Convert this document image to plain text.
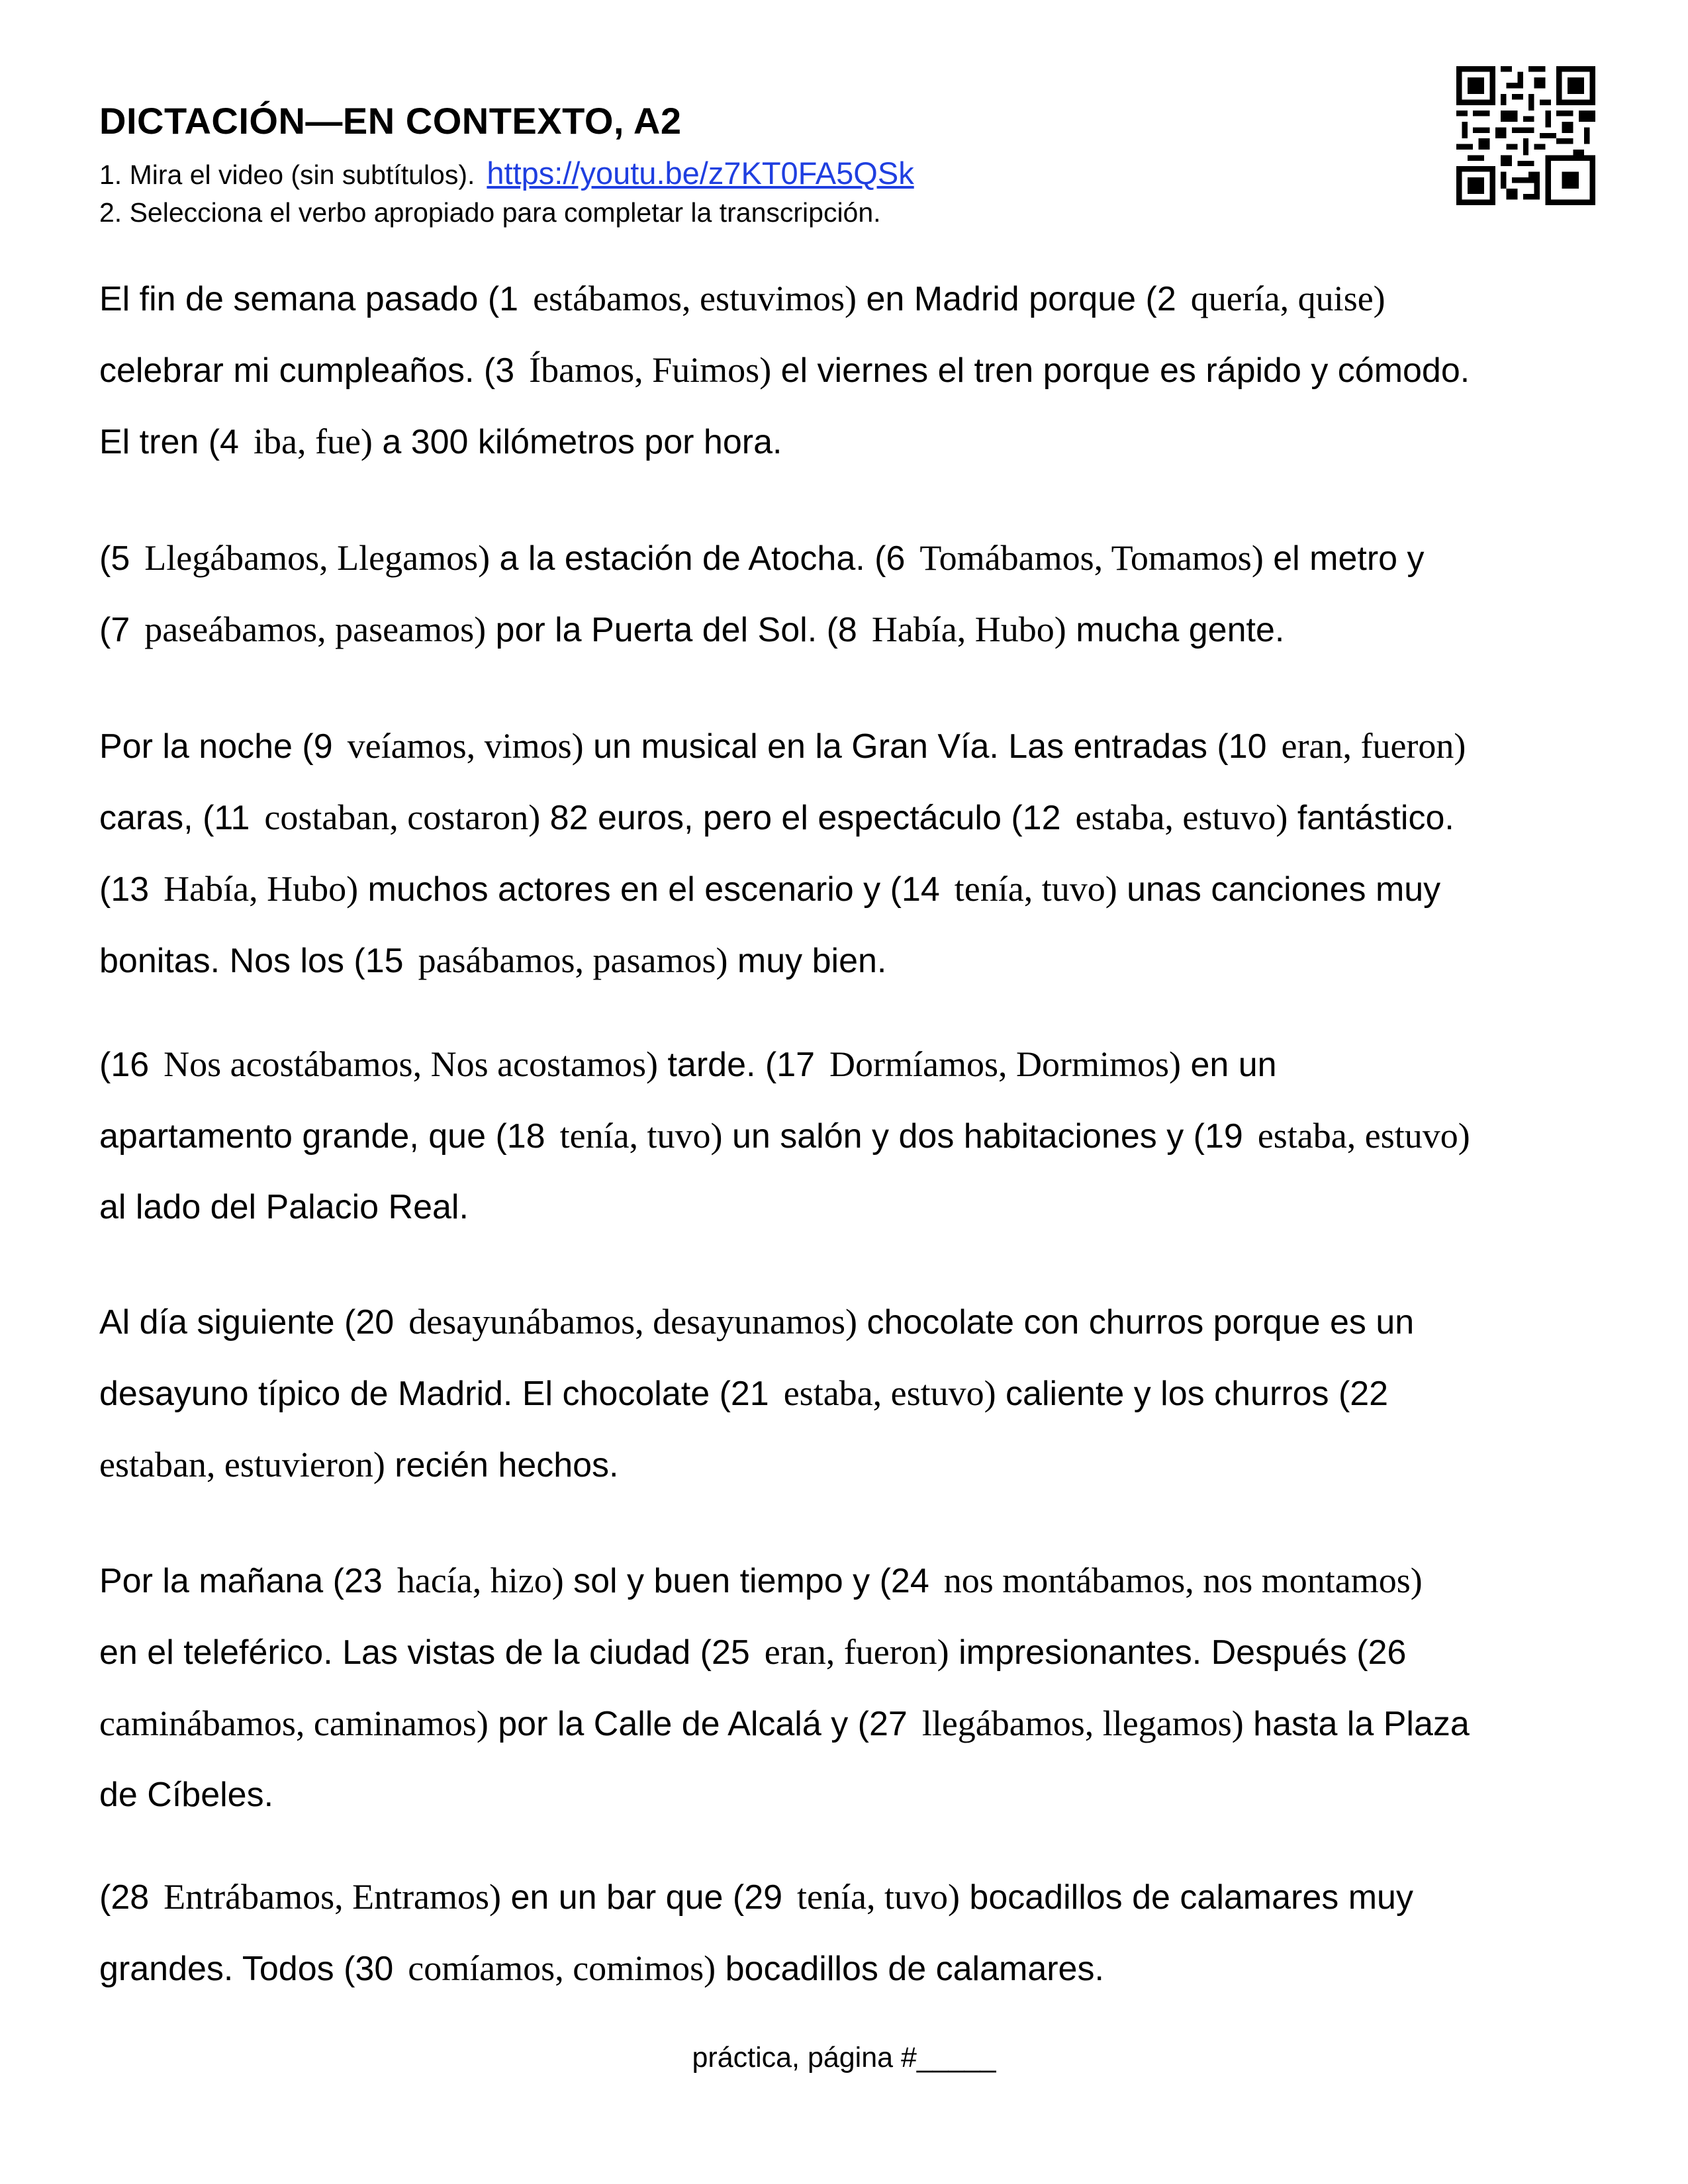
DICTACIÓN—EN CONTEXTO, A2
1. Mira el video (sin subtítulos). https://youtu.be/z7KT0FA5QSk
2. Selecciona el verbo apropiado para completar la transcripción.
El fin de semana pasado (1 estábamos, estuvimos) en Madrid porque (2 quería, quise)
celebrar mi cumpleaños. (3 Íbamos, Fuimos) el viernes el tren porque es rápido y cómodo.
El tren (4 iba, fue) a 300 kilómetros por hora.
(5 Llegábamos, Llegamos) a la estación de Atocha. (6 Tomábamos, Tomamos) el metro y
(7 paseábamos, paseamos) por la Puerta del Sol. (8 Había, Hubo) mucha gente.
Por la noche (9 veíamos, vimos) un musical en la Gran Vía. Las entradas (10 eran, fueron)
caras, (11 costaban, costaron) 82 euros, pero el espectáculo (12 estaba, estuvo) fantástico.
(13 Había, Hubo) muchos actores en el escenario y (14 tenía, tuvo) unas canciones muy
bonitas. Nos los (15 pasábamos, pasamos) muy bien.
(16 Nos acostábamos, Nos acostamos) tarde. (17 Dormíamos, Dormimos) en un
apartamento grande, que (18 tenía, tuvo) un salón y dos habitaciones y (19 estaba, estuvo)
al lado del Palacio Real.
Al día siguiente (20 desayunábamos, desayunamos) chocolate con churros porque es un
desayuno típico de Madrid. El chocolate (21 estaba, estuvo) caliente y los churros (22
estaban, estuvieron) recién hechos.
Por la mañana (23 hacía, hizo) sol y buen tiempo y (24 nos montábamos, nos montamos)
en el teleférico. Las vistas de la ciudad (25 eran, fueron) impresionantes. Después (26
caminábamos, caminamos) por la Calle de Alcalá y (27 llegábamos, llegamos) hasta la Plaza
de Cíbeles.
(28 Entrábamos, Entramos) en un bar que (29 tenía, tuvo) bocadillos de calamares muy
grandes. Todos (30 comíamos, comimos) bocadillos de calamares.
práctica, página #_____
